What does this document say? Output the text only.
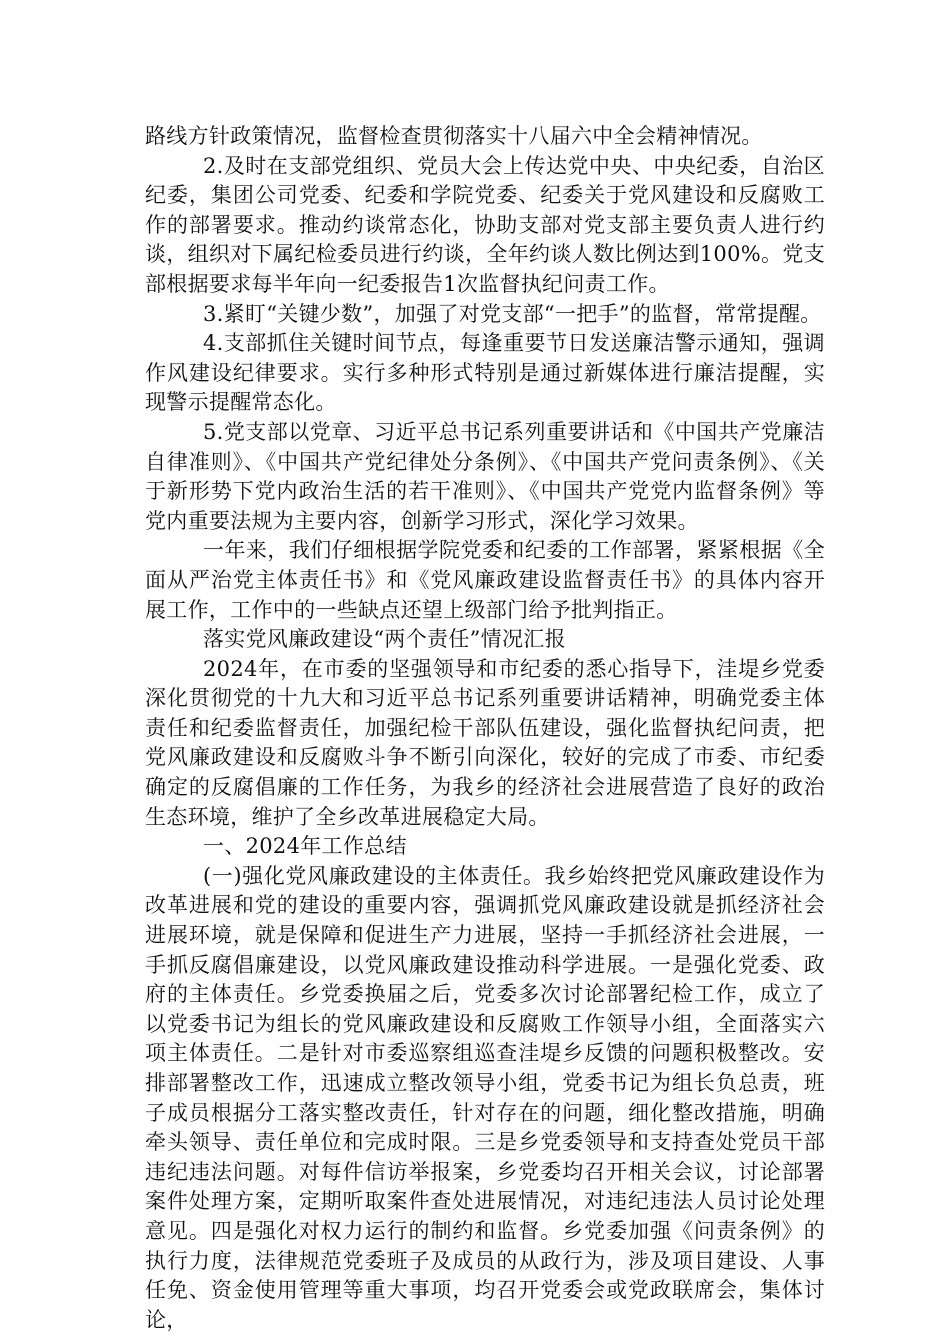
路线方针政策情况，监督检查贯彻落实十八届六中全会精神情况。

2.及时在支部党组织、党员大会上传达党中央、中央纪委，自治区纪委，集团公司党委、纪委和学院党委、纪委关于党风建设和反腐败工作的部署要求。推动约谈常态化，协助支部对党支部主要负责人进行约谈，组织对下属纪检委员进行约谈，全年约谈人数比例达到100%。党支部根据要求每半年向一纪委报告1次监督执纪问责工作。

3.紧盯“关键少数”，加强了对党支部“一把手”的监督，常常提醒。

4.支部抓住关键时间节点，每逢重要节日发送廉洁警示通知，强调作风建设纪律要求。实行多种形式特别是通过新媒体进行廉洁提醒，实现警示提醒常态化。

5.党支部以党章、习近平总书记系列重要讲话和《中国共产党廉洁自律准则》、《中国共产党纪律处分条例》、《中国共产党问责条例》、《关于新形势下党内政治生活的若干准则》、《中国共产党党内监督条例》等党内重要法规为主要内容，创新学习形式，深化学习效果。

一年来，我们仔细根据学院党委和纪委的工作部署，紧紧根据《全面从严治党主体责任书》和《党风廉政建设监督责任书》的具体内容开展工作，工作中的一些缺点还望上级部门给予批判指正。

落实党风廉政建设“两个责任”情况汇报

2024年，在市委的坚强领导和市纪委的悉心指导下，洼堤乡党委深化贯彻党的十九大和习近平总书记系列重要讲话精神，明确党委主体责任和纪委监督责任，加强纪检干部队伍建设，强化监督执纪问责，把党风廉政建设和反腐败斗争不断引向深化，较好的完成了市委、市纪委确定的反腐倡廉的工作任务，为我乡的经济社会进展营造了良好的政治生态环境，维护了全乡改革进展稳定大局。

一、2024年工作总结

(一)强化党风廉政建设的主体责任。我乡始终把党风廉政建设作为改革进展和党的建设的重要内容，强调抓党风廉政建设就是抓经济社会进展环境，就是保障和促进生产力进展，坚持一手抓经济社会进展，一手抓反腐倡廉建设，以党风廉政建设推动科学进展。一是强化党委、政府的主体责任。乡党委换届之后，党委多次讨论部署纪检工作，成立了以党委书记为组长的党风廉政建设和反腐败工作领导小组，全面落实六项主体责任。二是针对市委巡察组巡查洼堤乡反馈的问题积极整改。安排部署整改工作，迅速成立整改领导小组，党委书记为组长负总责，班子成员根据分工落实整改责任，针对存在的问题，细化整改措施，明确牵头领导、责任单位和完成时限。三是乡党委领导和支持查处党员干部违纪违法问题。对每件信访举报案，乡党委均召开相关会议，讨论部署案件处理方案，定期听取案件查处进展情况，对违纪违法人员讨论处理意见。四是强化对权力运行的制约和监督。乡党委加强《问责条例》的执行力度，法律规范党委班子及成员的从政行为，涉及项目建设、人事任免、资金使用管理等重大事项，均召开党委会或党政联席会，集体讨论，
